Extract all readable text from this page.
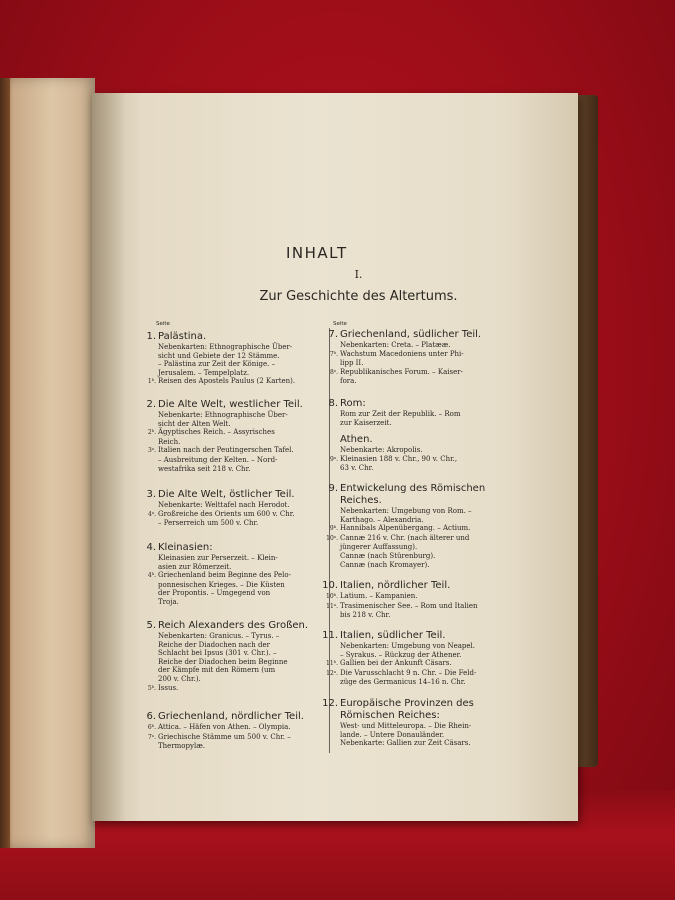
INHALT
I.
Zur Geschichte des Altertums.
Seite	Seite
1. Palästina.
Nebenkarten: Ethnographische Über-
sicht und Gebiete der 12 Stämme.
– Palästina zur Zeit der Könige. –
Jerusalem. – Tempelplatz.
1ᵇ. Reisen des Apostels Paulus (2 Karten).
2. Die Alte Welt, westlicher Teil.
Nebenkarte: Ethnographische Über-
sicht der Alten Welt.
2ᵇ. Ägyptisches Reich. – Assyrisches
Reich.
3ᵃ. Italien nach der Peutingerschen Tafel.
– Ausbreitung der Kelten. – Nord-
westafrika seit 218 v. Chr.
3. Die Alte Welt, östlicher Teil.
Nebenkarte: Welttafel nach Herodot.
4ᵃ. Großreiche des Orients um 600 v. Chr.
– Perserreich um 500 v. Chr.
4. Kleinasien:
Kleinasien zur Perserzeit. – Klein-
asien zur Römerzeit.
4ᵇ. Griechenland beim Beginne des Pelo-
ponnesischen Krieges. – Die Küsten
der Propontis. – Umgegend von
Troja.
5. Reich Alexanders des Großen.
Nebenkarten: Granicus. – Tyrus. –
Reiche der Diadochen nach der
Schlacht bei Ipsus (301 v. Chr.). –
Reiche der Diadochen beim Beginne
der Kämpfe mit den Römern (um
200 v. Chr.).
5ᵇ. Issus.
6. Griechenland, nördlicher Teil.
6ᵇ. Attica. – Häfen von Athen. – Olympia.
7ᵃ. Griechische Stämme um 500 v. Chr. –
Thermopylæ.
7. Griechenland, südlicher Teil.
Nebenkarten: Creta. – Platææ.
7ᵇ. Wachstum Macedoniens unter Phi-
lipp II.
8ᵃ. Republikanisches Forum. – Kaiser-
fora.
8. Rom:
Rom zur Zeit der Republik. – Rom
zur Kaiserzeit.
Athen.
Nebenkarte: Akropolis.
9ᵃ. Kleinasien 188 v. Chr., 90 v. Chr.,
63 v. Chr.
9. Entwickelung des Römischen
Reiches.
Nebenkarten: Umgebung von Rom. –
Karthago. – Alexandria.
9ᵇ. Hannibals Alpenübergang. – Actium.
10ᵃ. Cannæ 216 v. Chr. (nach älterer und
jüngerer Auffassung).
Cannæ (nach Stürenburg).
Cannæ (nach Kromayer).
10. Italien, nördlicher Teil.
10ᵇ. Latium. – Kampanien.
11ᵃ. Trasimenischer See. – Rom und Italien
bis 218 v. Chr.
11. Italien, südlicher Teil.
Nebenkarten: Umgebung von Neapel.
– Syrakus. – Rückzug der Athener.
11ᵇ. Gallien bei der Ankunft Cäsars.
12ᵃ. Die Varusschlacht 9 n. Chr. – Die Feld-
züge des Germanicus 14–16 n. Chr.
12. Europäische Provinzen des
Römischen Reiches:
West- und Mitteleuropa. – Die Rhein-
lande. – Untere Donauländer.
Nebenkarte: Gallien zur Zeit Cäsars.
